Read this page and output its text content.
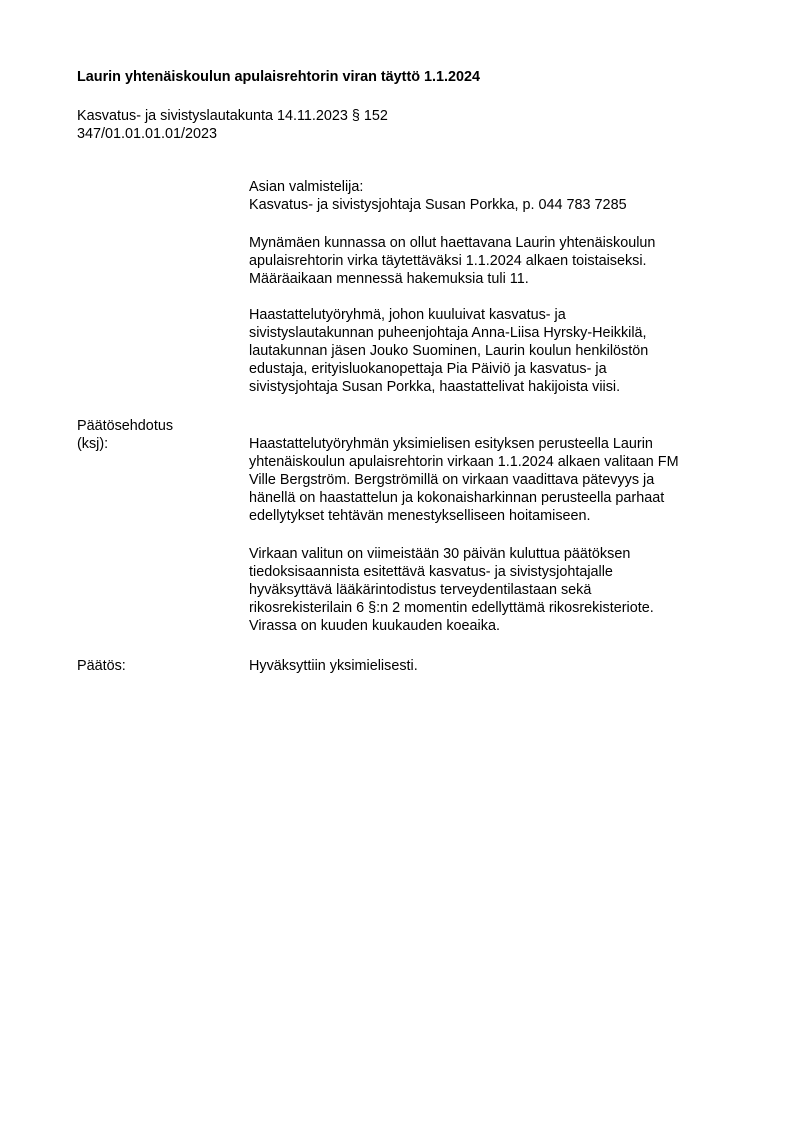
Laurin yhtenäiskoulun apulaisrehtorin viran täyttö 1.1.2024
Kasvatus- ja sivistyslautakunta 14.11.2023 § 152
347/01.01.01.01/2023
Asian valmistelija:
Kasvatus- ja sivistysjohtaja Susan Porkka, p. 044 783 7285
Mynämäen kunnassa on ollut haettavana Laurin yhtenäiskoulun
apulaisrehtorin virka täytettäväksi 1.1.2024 alkaen toistaiseksi.
Määräaikaan mennessä hakemuksia tuli 11.
Haastattelutyöryhmä, johon kuuluivat kasvatus- ja
sivistyslautakunnan puheenjohtaja Anna-Liisa Hyrsky-Heikkilä,
lautakunnan jäsen Jouko Suominen, Laurin koulun henkilöstön
edustaja, erityisluokanopettaja Pia Päiviö ja kasvatus- ja
sivistysjohtaja Susan Porkka, haastattelivat hakijoista viisi.
Päätösehdotus
(ksj):	Haastattelutyöryhmän yksimielisen esityksen perusteella Laurin
yhtenäiskoulun apulaisrehtorin virkaan 1.1.2024 alkaen valitaan FM
Ville Bergström. Bergströmillä on virkaan vaadittava pätevyys ja
hänellä on haastattelun ja kokonaisharkinnan perusteella parhaat
edellytykset tehtävän menestykselliseen hoitamiseen.
Virkaan valitun on viimeistään 30 päivän kuluttua päätöksen
tiedoksisaannista esitettävä kasvatus- ja sivistysjohtajalle
hyväksyttävä lääkärintodistus terveydentilastaan sekä
rikosrekisterilain 6 §:n 2 momentin edellyttämä rikosrekisteriote.
Virassa on kuuden kuukauden koeaika.
Päätös:	Hyväksyttiin yksimielisesti.
